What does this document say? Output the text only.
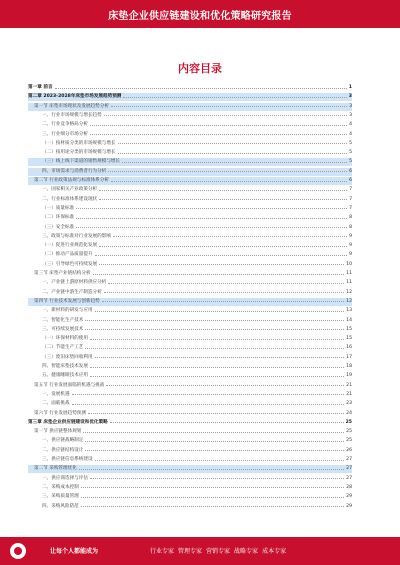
床垫企业供应链建设和优化策略研究报告
内容目录
第一章 前言	1
第二章 2023-2028年床垫市场发展趋势预测	3
第一节 床垫市场现状及发展趋势分析	3
一、行业市场规模与增长趋势	3
二、行业竞争格局分析	4
三、行业细分市场分析	4
（一）按材质分类的市场规模与增长	5
（二）按用途分类的市场规模与增长	5
（三）线上线下渠道的销售规模与增长	5
四、市场需求与消费者行为分析	6
第二节 行业政策法规与标准体系分析	6
一、国家相关产业政策分析	7
二、行业标准体系建设现状	7
（一）质量标准	7
（二）环保标准	8
（三）安全标准	8
三、政策与标准对行业发展的影响	9
（一）促进行业规范化发展	9
（二）推动产品质量提升	9
（三）引导绿色可持续发展	10
第三节 床垫产业链结构分析	11
一、产业链上游原材料供应分析	11
二、产业链中游生产制造分析	12
第四节 行业技术发展与创新趋势	12
一、新材料的研发与应用	13
二、智能化生产技术	14
三、可持续发展技术	15
（一）环保材料的使用	15
（二）节能生产工艺	16
（三）废旧床垫回收利用	17
四、智能床垫技术发展	18
五、健康睡眠技术应用	19
第五节 行业发展面临的机遇与挑战	21
一、发展机遇	21
二、面临挑战	23
第六节 行业发展趋势预测	24
第三章 床垫企业供应链建设和优化策略	25
第一节 供应链整体规划	25
一、供应链战略制定	25
二、供应链结构设计	26
三、供应链信息系统建设	27
第二节 采购管理优化	27
一、供应商选择与评估	27
二、采购成本控制	28
三、采购质量管理	29
四、采购风险防范	29
让每个人都能成为	行业专家 管理专家 营销专家 战略专家 成本专家
